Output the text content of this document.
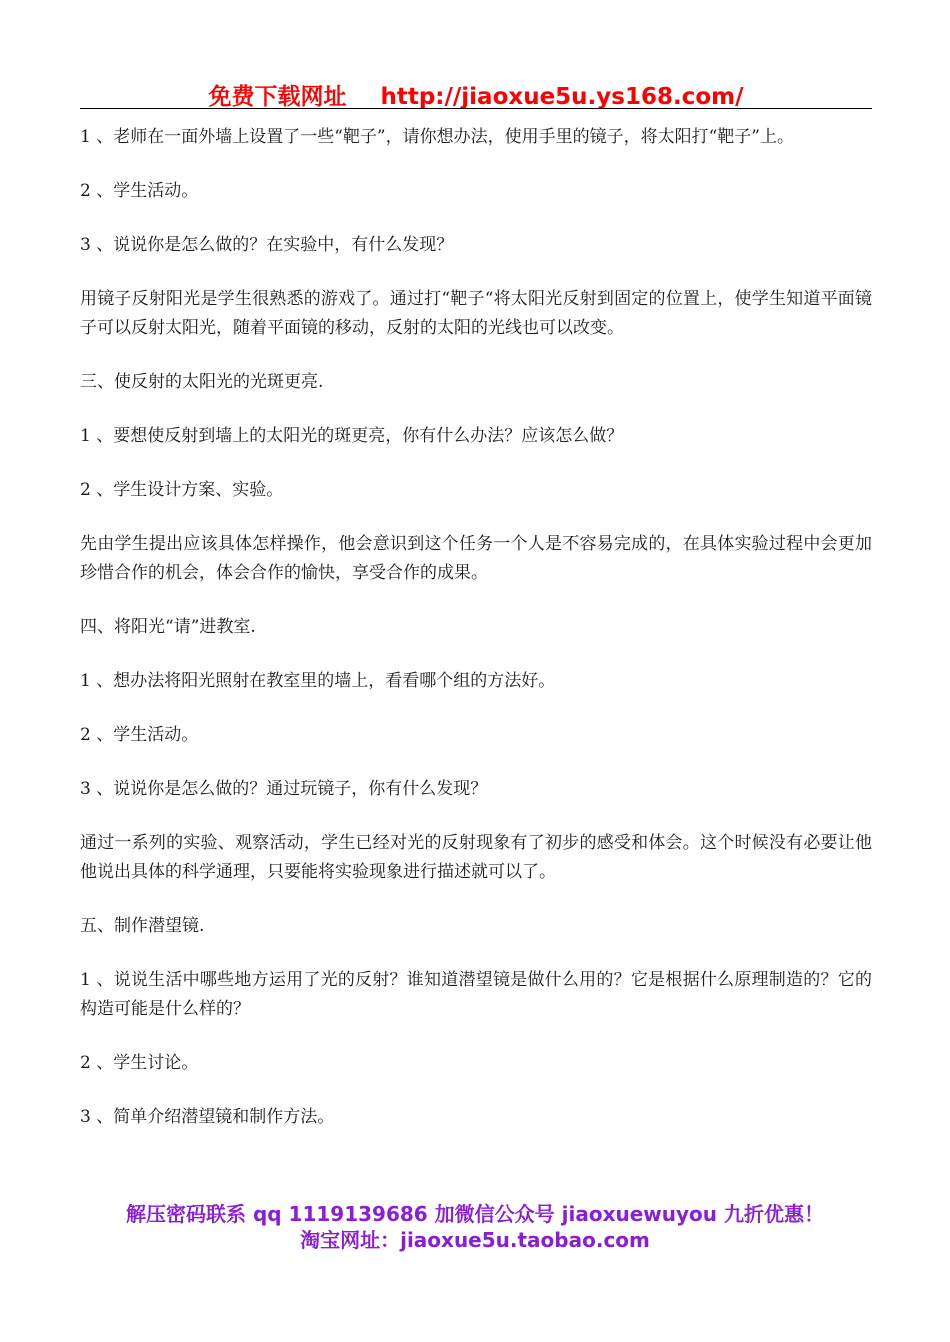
免费下载网址 http://jiaoxue5u.ys168.com/

1 、老师在一面外墙上设置了一些“靶子”，请你想办法，使用手里的镜子，将太阳打“靶子”上。

2 、学生活动。

3 、说说你是怎么做的？在实验中，有什么发现？

用镜子反射阳光是学生很熟悉的游戏了。通过打“靶子“将太阳光反射到固定的位置上，使学生知道平面镜子可以反射太阳光，随着平面镜的移动，反射的太阳的光线也可以改变。

三、使反射的太阳光的光斑更亮.

1 、要想使反射到墙上的太阳光的斑更亮，你有什么办法？应该怎么做？

2 、学生设计方案、实验。

先由学生提出应该具体怎样操作，他会意识到这个任务一个人是不容易完成的，在具体实验过程中会更加珍惜合作的机会，体会合作的愉快，享受合作的成果。

四、将阳光“请”进教室.

1 、想办法将阳光照射在教室里的墙上，看看哪个组的方法好。

2 、学生活动。

3 、说说你是怎么做的？通过玩镜子，你有什么发现？

通过一系列的实验、观察活动，学生已经对光的反射现象有了初步的感受和体会。这个时候没有必要让他他说出具体的科学通理，只要能将实验现象进行描述就可以了。

五、制作潜望镜.

1 、说说生活中哪些地方运用了光的反射？谁知道潜望镜是做什么用的？它是根据什么原理制造的？它的构造可能是什么样的？

2 、学生讨论。

3 、简单介绍潜望镜和制作方法。

解压密码联系 qq 1119139686 加微信公众号 jiaoxuewuyou 九折优惠！
淘宝网址：jiaoxue5u.taobao.com
